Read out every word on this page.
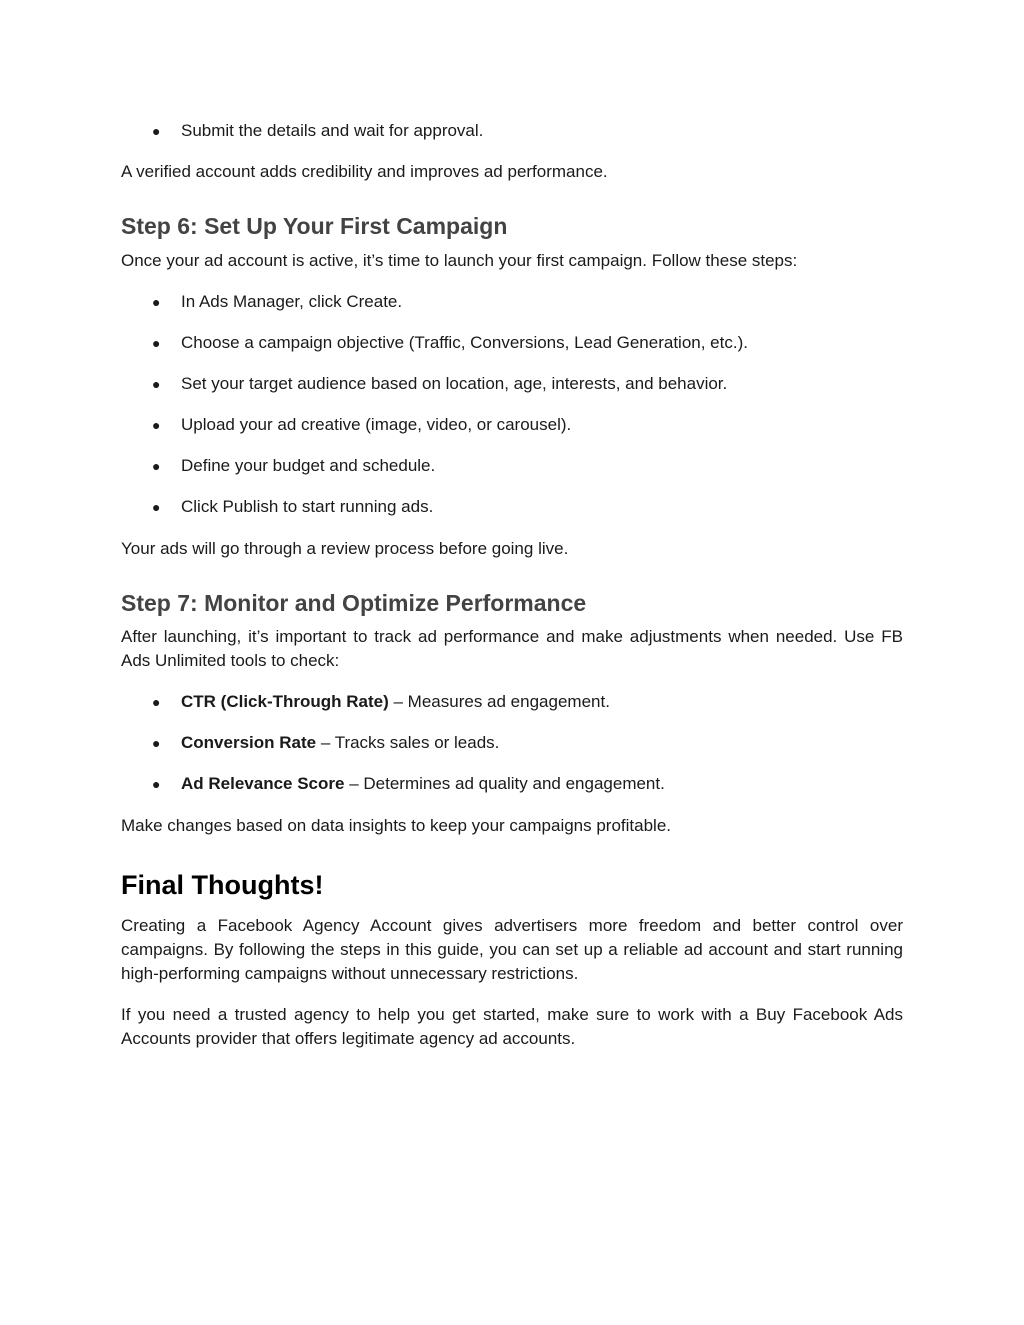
● Submit the details and wait for approval.

A verified account adds credibility and improves ad performance.

Step 6: Set Up Your First Campaign

Once your ad account is active, it’s time to launch your first campaign. Follow these steps:

● In Ads Manager, click Create.
● Choose a campaign objective (Traffic, Conversions, Lead Generation, etc.).
● Set your target audience based on location, age, interests, and behavior.
● Upload your ad creative (image, video, or carousel).
● Define your budget and schedule.
● Click Publish to start running ads.

Your ads will go through a review process before going live.

Step 7: Monitor and Optimize Performance

After launching, it’s important to track ad performance and make adjustments when needed. Use FB Ads Unlimited tools to check:

● CTR (Click-Through Rate) – Measures ad engagement.
● Conversion Rate – Tracks sales or leads.
● Ad Relevance Score – Determines ad quality and engagement.

Make changes based on data insights to keep your campaigns profitable.

Final Thoughts!

Creating a Facebook Agency Account gives advertisers more freedom and better control over campaigns. By following the steps in this guide, you can set up a reliable ad account and start running high-performing campaigns without unnecessary restrictions.

If you need a trusted agency to help you get started, make sure to work with a Buy Facebook Ads Accounts provider that offers legitimate agency ad accounts.
